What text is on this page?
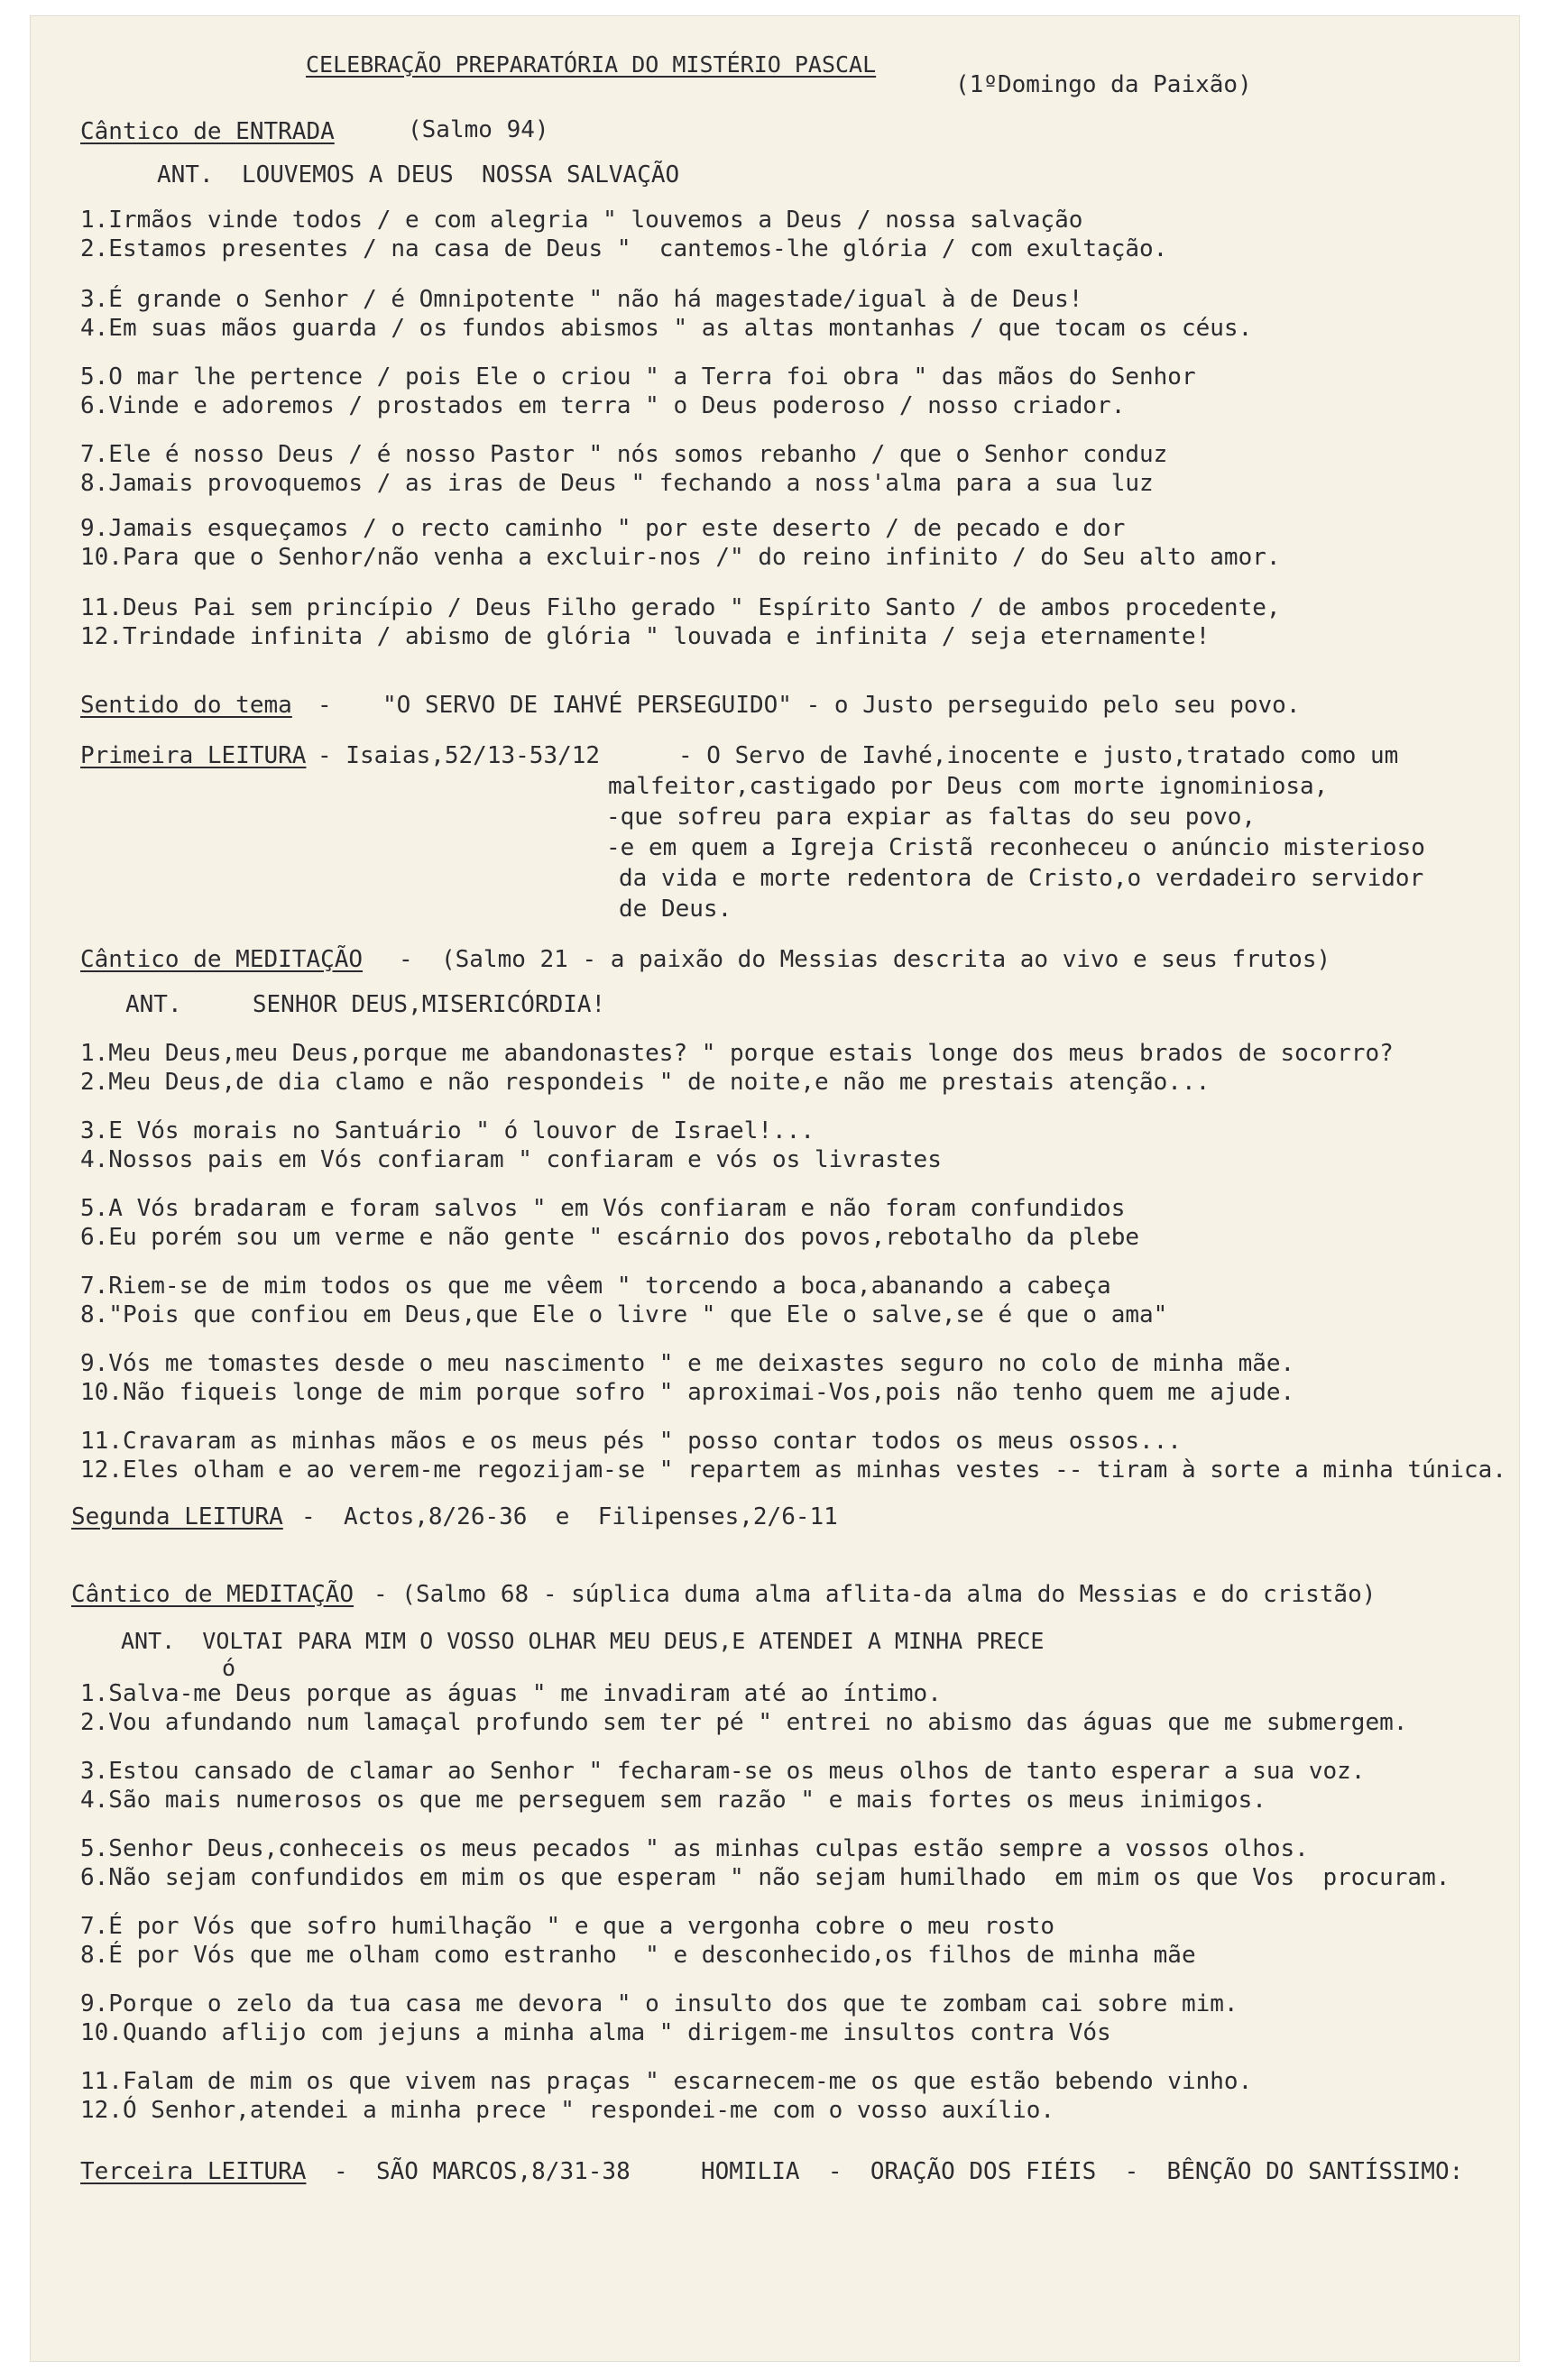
CELEBRAÇÃO PREPARATÓRIA DO MISTÉRIO PASCAL
(1ºDomingo da Paixão)
Cântico de ENTRADA	(Salmo 94)
ANT.  LOUVEMOS A DEUS  NOSSA SALVAÇÃO
1.Irmãos vinde todos / e com alegria " louvemos a Deus / nossa salvação
2.Estamos presentes / na casa de Deus "  cantemos-lhe glória / com exultação.
3.É grande o Senhor / é Omnipotente " não há magestade/igual à de Deus!
4.Em suas mãos guarda / os fundos abismos " as altas montanhas / que tocam os céus.
5.O mar lhe pertence / pois Ele o criou " a Terra foi obra " das mãos do Senhor
6.Vinde e adoremos / prostados em terra " o Deus poderoso / nosso criador.
7.Ele é nosso Deus / é nosso Pastor " nós somos rebanho / que o Senhor conduz
8.Jamais provoquemos / as iras de Deus " fechando a noss'alma para a sua luz
9.Jamais esqueçamos / o recto caminho " por este deserto / de pecado e dor
10.Para que o Senhor/não venha a excluir-nos /" do reino infinito / do Seu alto amor.
11.Deus Pai sem princípio / Deus Filho gerado " Espírito Santo / de ambos procedente,
12.Trindade infinita / abismo de glória " louvada e infinita / seja eternamente!
Sentido do tema - "O SERVO DE IAHVÉ PERSEGUIDO" - o Justo perseguido pelo seu povo.
Primeira LEITURA - Isaias,52/13-53/12	- O Servo de Iavhé,inocente e justo,tratado como um
malfeitor,castigado por Deus com morte ignominiosa,
-que sofreu para expiar as faltas do seu povo,
-e em quem a Igreja Cristã reconheceu o anúncio misterioso
da vida e morte redentora de Cristo,o verdadeiro servidor
de Deus.
Cântico de MEDITAÇÃO -  (Salmo 21 - a paixão do Messias descrita ao vivo e seus frutos)
ANT.     SENHOR DEUS,MISERICÓRDIA!
1.Meu Deus,meu Deus,porque me abandonastes? " porque estais longe dos meus brados de socorro?
2.Meu Deus,de dia clamo e não respondeis " de noite,e não me prestais atenção...
3.E Vós morais no Santuário " ó louvor de Israel!...
4.Nossos pais em Vós confiaram " confiaram e vós os livrastes
5.A Vós bradaram e foram salvos " em Vós confiaram e não foram confundidos
6.Eu porém sou um verme e não gente " escárnio dos povos,rebotalho da plebe
7.Riem-se de mim todos os que me vêem " torcendo a boca,abanando a cabeça
8."Pois que confiou em Deus,que Ele o livre " que Ele o salve,se é que o ama"
9.Vós me tomastes desde o meu nascimento " e me deixastes seguro no colo de minha mãe.
10.Não fiqueis longe de mim porque sofro " aproximai-Vos,pois não tenho quem me ajude.
11.Cravaram as minhas mãos e os meus pés " posso contar todos os meus ossos...
12.Eles olham e ao verem-me regozijam-se " repartem as minhas vestes -- tiram à sorte a minha túnica.
Segunda LEITURA -  Actos,8/26-36  e  Filipenses,2/6-11
Cântico de MEDITAÇÃO - (Salmo 68 - súplica duma alma aflita-da alma do Messias e do cristão)
ANT.  VOLTAI PARA MIM O VOSSO OLHAR MEU DEUS,E ATENDEI A MINHA PRECE
ó
1.Salva-me Deus porque as águas " me invadiram até ao íntimo.
2.Vou afundando num lamaçal profundo sem ter pé " entrei no abismo das águas que me submergem.
3.Estou cansado de clamar ao Senhor " fecharam-se os meus olhos de tanto esperar a sua voz.
4.São mais numerosos os que me perseguem sem razão " e mais fortes os meus inimigos.
5.Senhor Deus,conheceis os meus pecados " as minhas culpas estão sempre a vossos olhos.
6.Não sejam confundidos em mim os que esperam " não sejam humilhado  em mim os que Vos  procuram.
7.É por Vós que sofro humilhação " e que a vergonha cobre o meu rosto
8.É por Vós que me olham como estranho  " e desconhecido,os filhos de minha mãe
9.Porque o zelo da tua casa me devora " o insulto dos que te zombam cai sobre mim.
10.Quando aflijo com jejuns a minha alma " dirigem-me insultos contra Vós
11.Falam de mim os que vivem nas praças " escarnecem-me os que estão bebendo vinho.
12.Ó Senhor,atendei a minha prece " respondei-me com o vosso auxílio.
Terceira LEITURA -  SÃO MARCOS,8/31-38     HOMILIA  -  ORAÇÃO DOS FIÉIS  -  BÊNÇÃO DO SANTÍSSIMO:
